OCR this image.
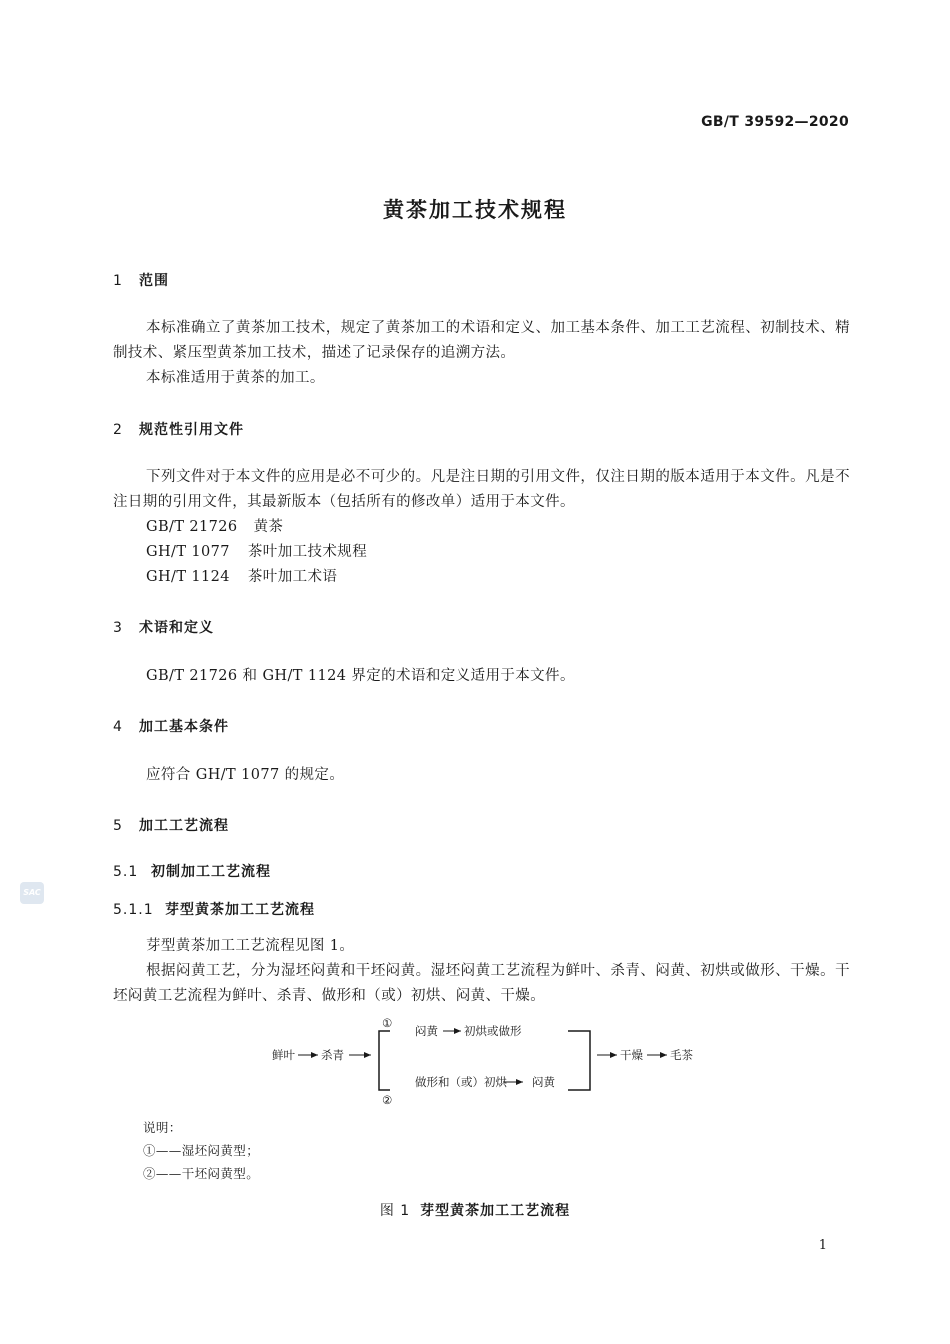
GB/T 39592—2020
黄茶加工技术规程
1 范围
本标准确立了黄茶加工技术，规定了黄茶加工的术语和定义、加工基本条件、加工工艺流程、初制技术、精制技术、紧压型黄茶加工技术，描述了记录保存的追溯方法。
本标准适用于黄茶的加工。
2 规范性引用文件
下列文件对于本文件的应用是必不可少的。凡是注日期的引用文件，仅注日期的版本适用于本文件。凡是不注日期的引用文件，其最新版本（包括所有的修改单）适用于本文件。
GB/T 21726 黄茶
GH/T 1077 茶叶加工技术规程
GH/T 1124 茶叶加工术语
3 术语和定义
GB/T 21726 和 GH/T 1124 界定的术语和定义适用于本文件。
4 加工基本条件
应符合 GH/T 1077 的规定。
5 加工工艺流程
5.1 初制加工工艺流程
5.1.1 芽型黄茶加工工艺流程
芽型黄茶加工工艺流程见图 1。
根据闷黄工艺，分为湿坯闷黄和干坯闷黄。湿坯闷黄工艺流程为鲜叶、杀青、闷黄、初烘或做形、干燥。干坯闷黄工艺流程为鲜叶、杀青、做形和（或）初烘、闷黄、干燥。
鲜叶 杀青
①
②
闷黄 初烘或做形
做形和（或）初烘 闷黄
干燥 毛茶
说明：
①——湿坯闷黄型；
②——干坯闷黄型。
图 1 芽型黄茶加工工艺流程
SAC
1
